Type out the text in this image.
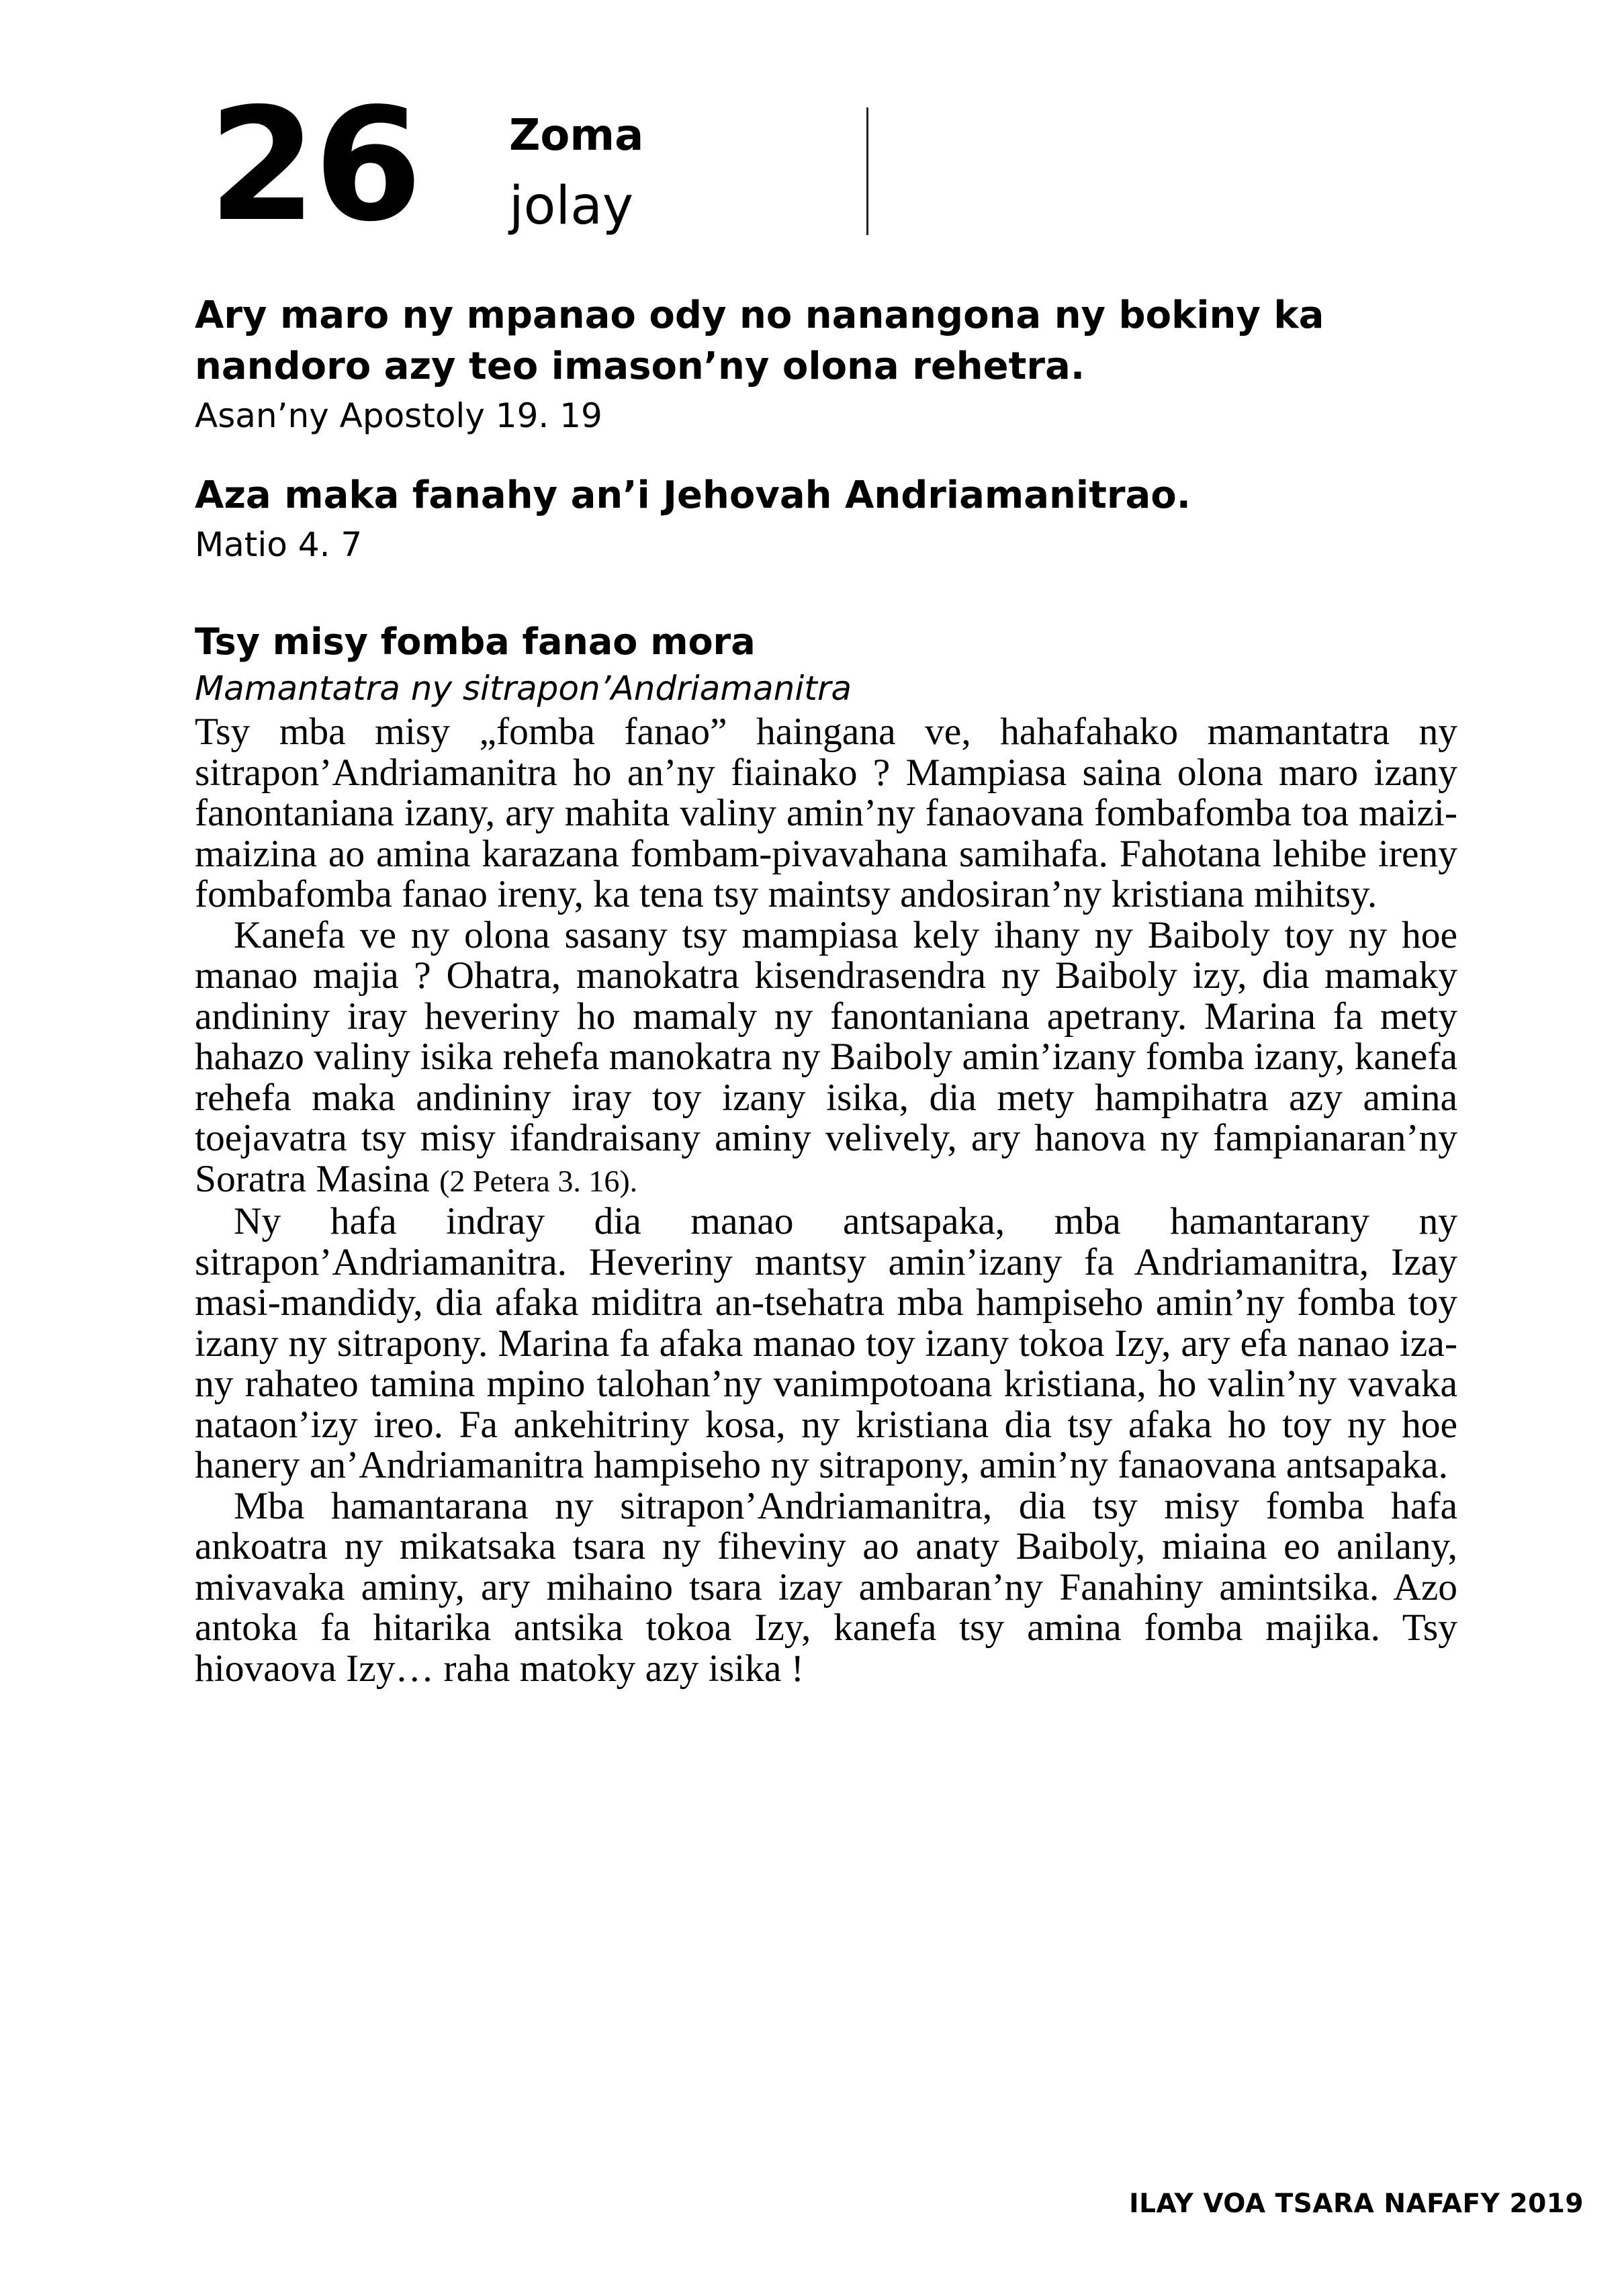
26 Zoma
jolay

Ary maro ny mpanao ody no nanangona ny bokiny ka nandoro azy teo imason’ny olona rehetra.

Asan’ny Apostoly 19. 19

Aza maka fanahy an’i Jehovah Andriamanitrao.

Matio 4. 7

Tsy misy fomba fanao mora

Mamantatra ny sitrapon’Andriamanitra

Tsy mba misy „fomba fanao” haingana ve, hahafahako mamantatra ny sitrapon’Andriamanitra ho an’ny fiainako ? Mampiasa saina olona maro izany fanontaniana izany, ary mahita valiny amin’ny fanaovana fombafomba toa maizimaizina ao amina karazana fombam-pivavahana samihafa. Fahotana lehibe ireny fombafomba fanao ireny, ka tena tsy maintsy andosiran’ny kristiana mihitsy.

Kanefa ve ny olona sasany tsy mampiasa kely ihany ny Baiboly toy ny hoe manao majia ? Ohatra, manokatra kisendrasendra ny Baiboly izy, dia mamaky andininy iray heveriny ho mamaly ny fanontaniana apetrany. Marina fa mety hahazo valiny isika rehefa manokatra ny Baiboly amin’izany fomba izany, kanefa rehefa maka andininy iray toy izany isika, dia mety hampihatra azy amina toejavatra tsy misy ifandraisany aminy velively, ary hanova ny fampianaran’ny Soratra Masina (2 Petera 3. 16).

Ny hafa indray dia manao antsapaka, mba hamantarany ny sitrapon’Andriamanitra. Heveriny mantsy amin’izany fa Andriamanitra, Izay masi-mandidy, dia afaka miditra an-tsehatra mba hampiseho amin’ny fomba toy izany ny sitrapony. Marina fa afaka manao toy izany tokoa Izy, ary efa nanao izany rahateo tamina mpino talohan’ny vanimpotoana kristiana, ho valin’ny vavaka nataon’izy ireo. Fa ankehitriny kosa, ny kristiana dia tsy afaka ho toy ny hoe hanery an’Andriamanitra hampiseho ny sitrapony, amin’ny fanaovana antsapaka.

Mba hamantarana ny sitrapon’Andriamanitra, dia tsy misy fomba hafa ankoatra ny mikatsaka tsara ny fiheviny ao anaty Baiboly, miaina eo anilany, mivavaka aminy, ary mihaino tsara izay ambaran’ny Fanahiny amintsika. Azo antoka fa hitarika antsika tokoa Izy, kanefa tsy amina fomba majika. Tsy hiovaova Izy… raha matoky azy isika !

ILAY VOA TSARA NAFAFY 2019
